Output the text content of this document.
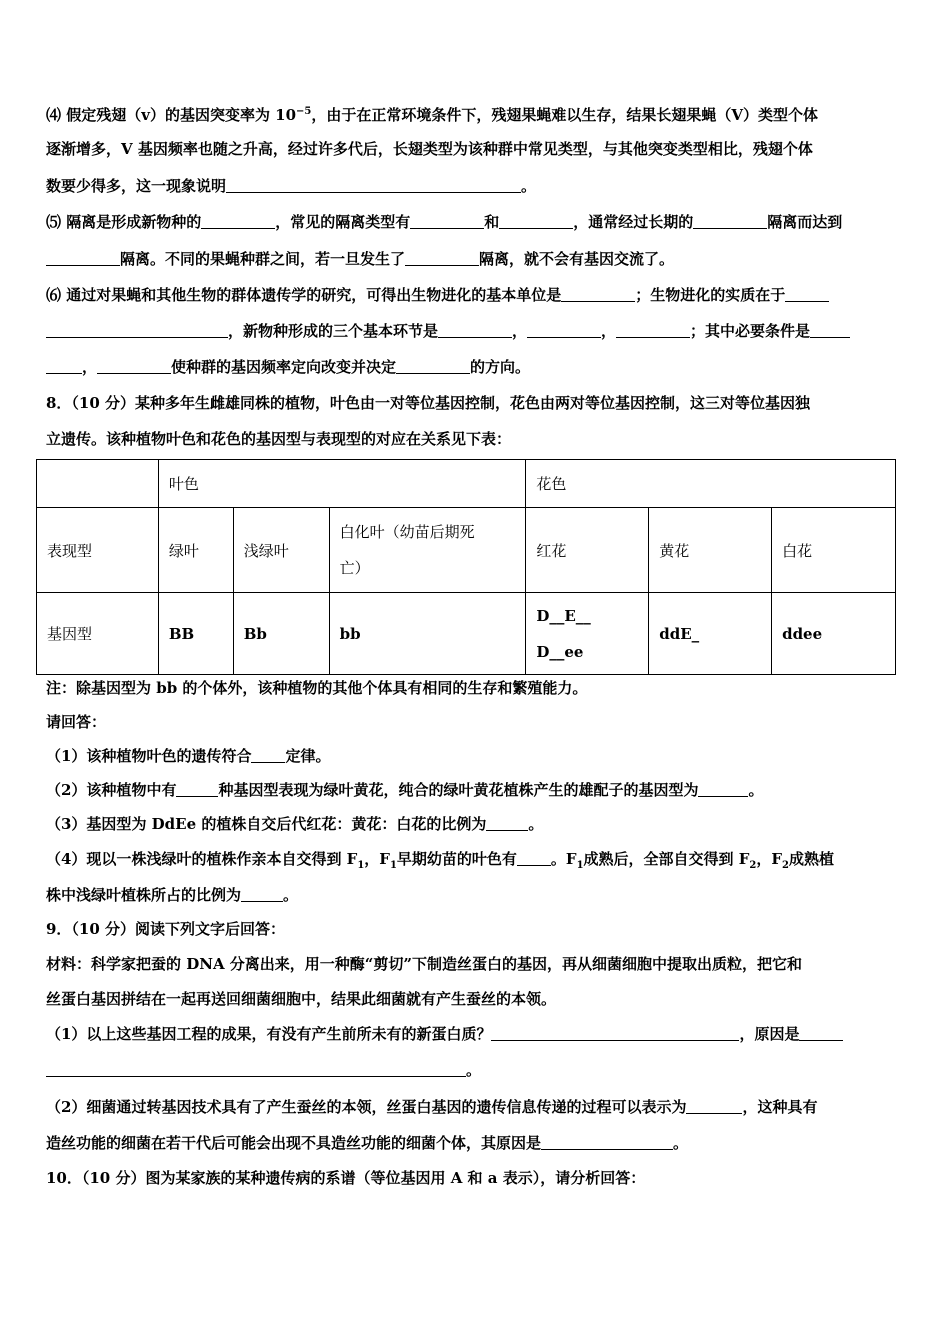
⑷ 假定残翅（v）的基因突变率为 $10^{-5}$，由于在正常环境条件下，残翅果蝇难以生存，结果长翅果蝇（V）类型个体
逐渐增多，V 基因频率也随之升高，经过许多代后，长翅类型为该种群中常见类型，与其他突变类型相比，残翅个体
数要少得多，这一现象说明	。
⑸ 隔离是形成新物种的	，常见的隔离类型有	和	，通常经过长期的	隔离而达到
隔离。不同的果蝇种群之间，若一旦发生了	隔离，就不会有基因交流了。
⑹ 通过对果蝇和其他生物的群体遗传学的研究，可得出生物进化的基本单位是	；生物进化的实质在于
，新物种形成的三个基本环节是	，	，	；其中必要条件是
，	使种群的基因频率定向改变并决定	的方向。
8．（10 分）某种多年生雌雄同株的植物，叶色由一对等位基因控制，花色由两对等位基因控制，这三对等位基因独
立遗传。该种植物叶色和花色的基因型与表现型的对应在关系见下表：
	叶色			花色		
表现型	绿叶	浅绿叶	白化叶（幼苗后期死
亡）	红花	黄花	白花
基因型	BB	Bb	bb	D__E__
D__ee	ddE_	ddee
注：除基因型为 bb 的个体外，该种植物的其他个体具有相同的生存和繁殖能力。
请回答：
（1）该种植物叶色的遗传符合 定律。
（2）该种植物中有	种基因型表现为绿叶黄花，纯合的绿叶黄花植株产生的雄配子的基因型为	。
（3）基因型为 DdEe 的植株自交后代红花：黄花：白花的比例为	。
（4）现以一株浅绿叶的植株作亲本自交得到 $F_1$，$F_1$早期幼苗的叶色有 。$F_1$成熟后，全部自交得到 $F_2$，$F_2$成熟植
株中浅绿叶植株所占的比例为	。
9．（10 分）阅读下列文字后回答：
材料：科学家把蚕的 DNA 分离出来，用一种酶“剪切”下制造丝蛋白的基因，再从细菌细胞中提取出质粒，把它和
丝蛋白基因拼结在一起再送回细菌细胞中，结果此细菌就有产生蚕丝的本领。
（1）以上这些基因工程的成果，有没有产生前所未有的新蛋白质？	，原因是
。
（2）细菌通过转基因技术具有了产生蚕丝的本领，丝蛋白基因的遗传信息传递的过程可以表示为	，这种具有
造丝功能的细菌在若干代后可能会出现不具造丝功能的细菌个体，其原因是	。
10．（10 分）图为某家族的某种遗传病的系谱（等位基因用 A 和 a 表示），请分析回答：
